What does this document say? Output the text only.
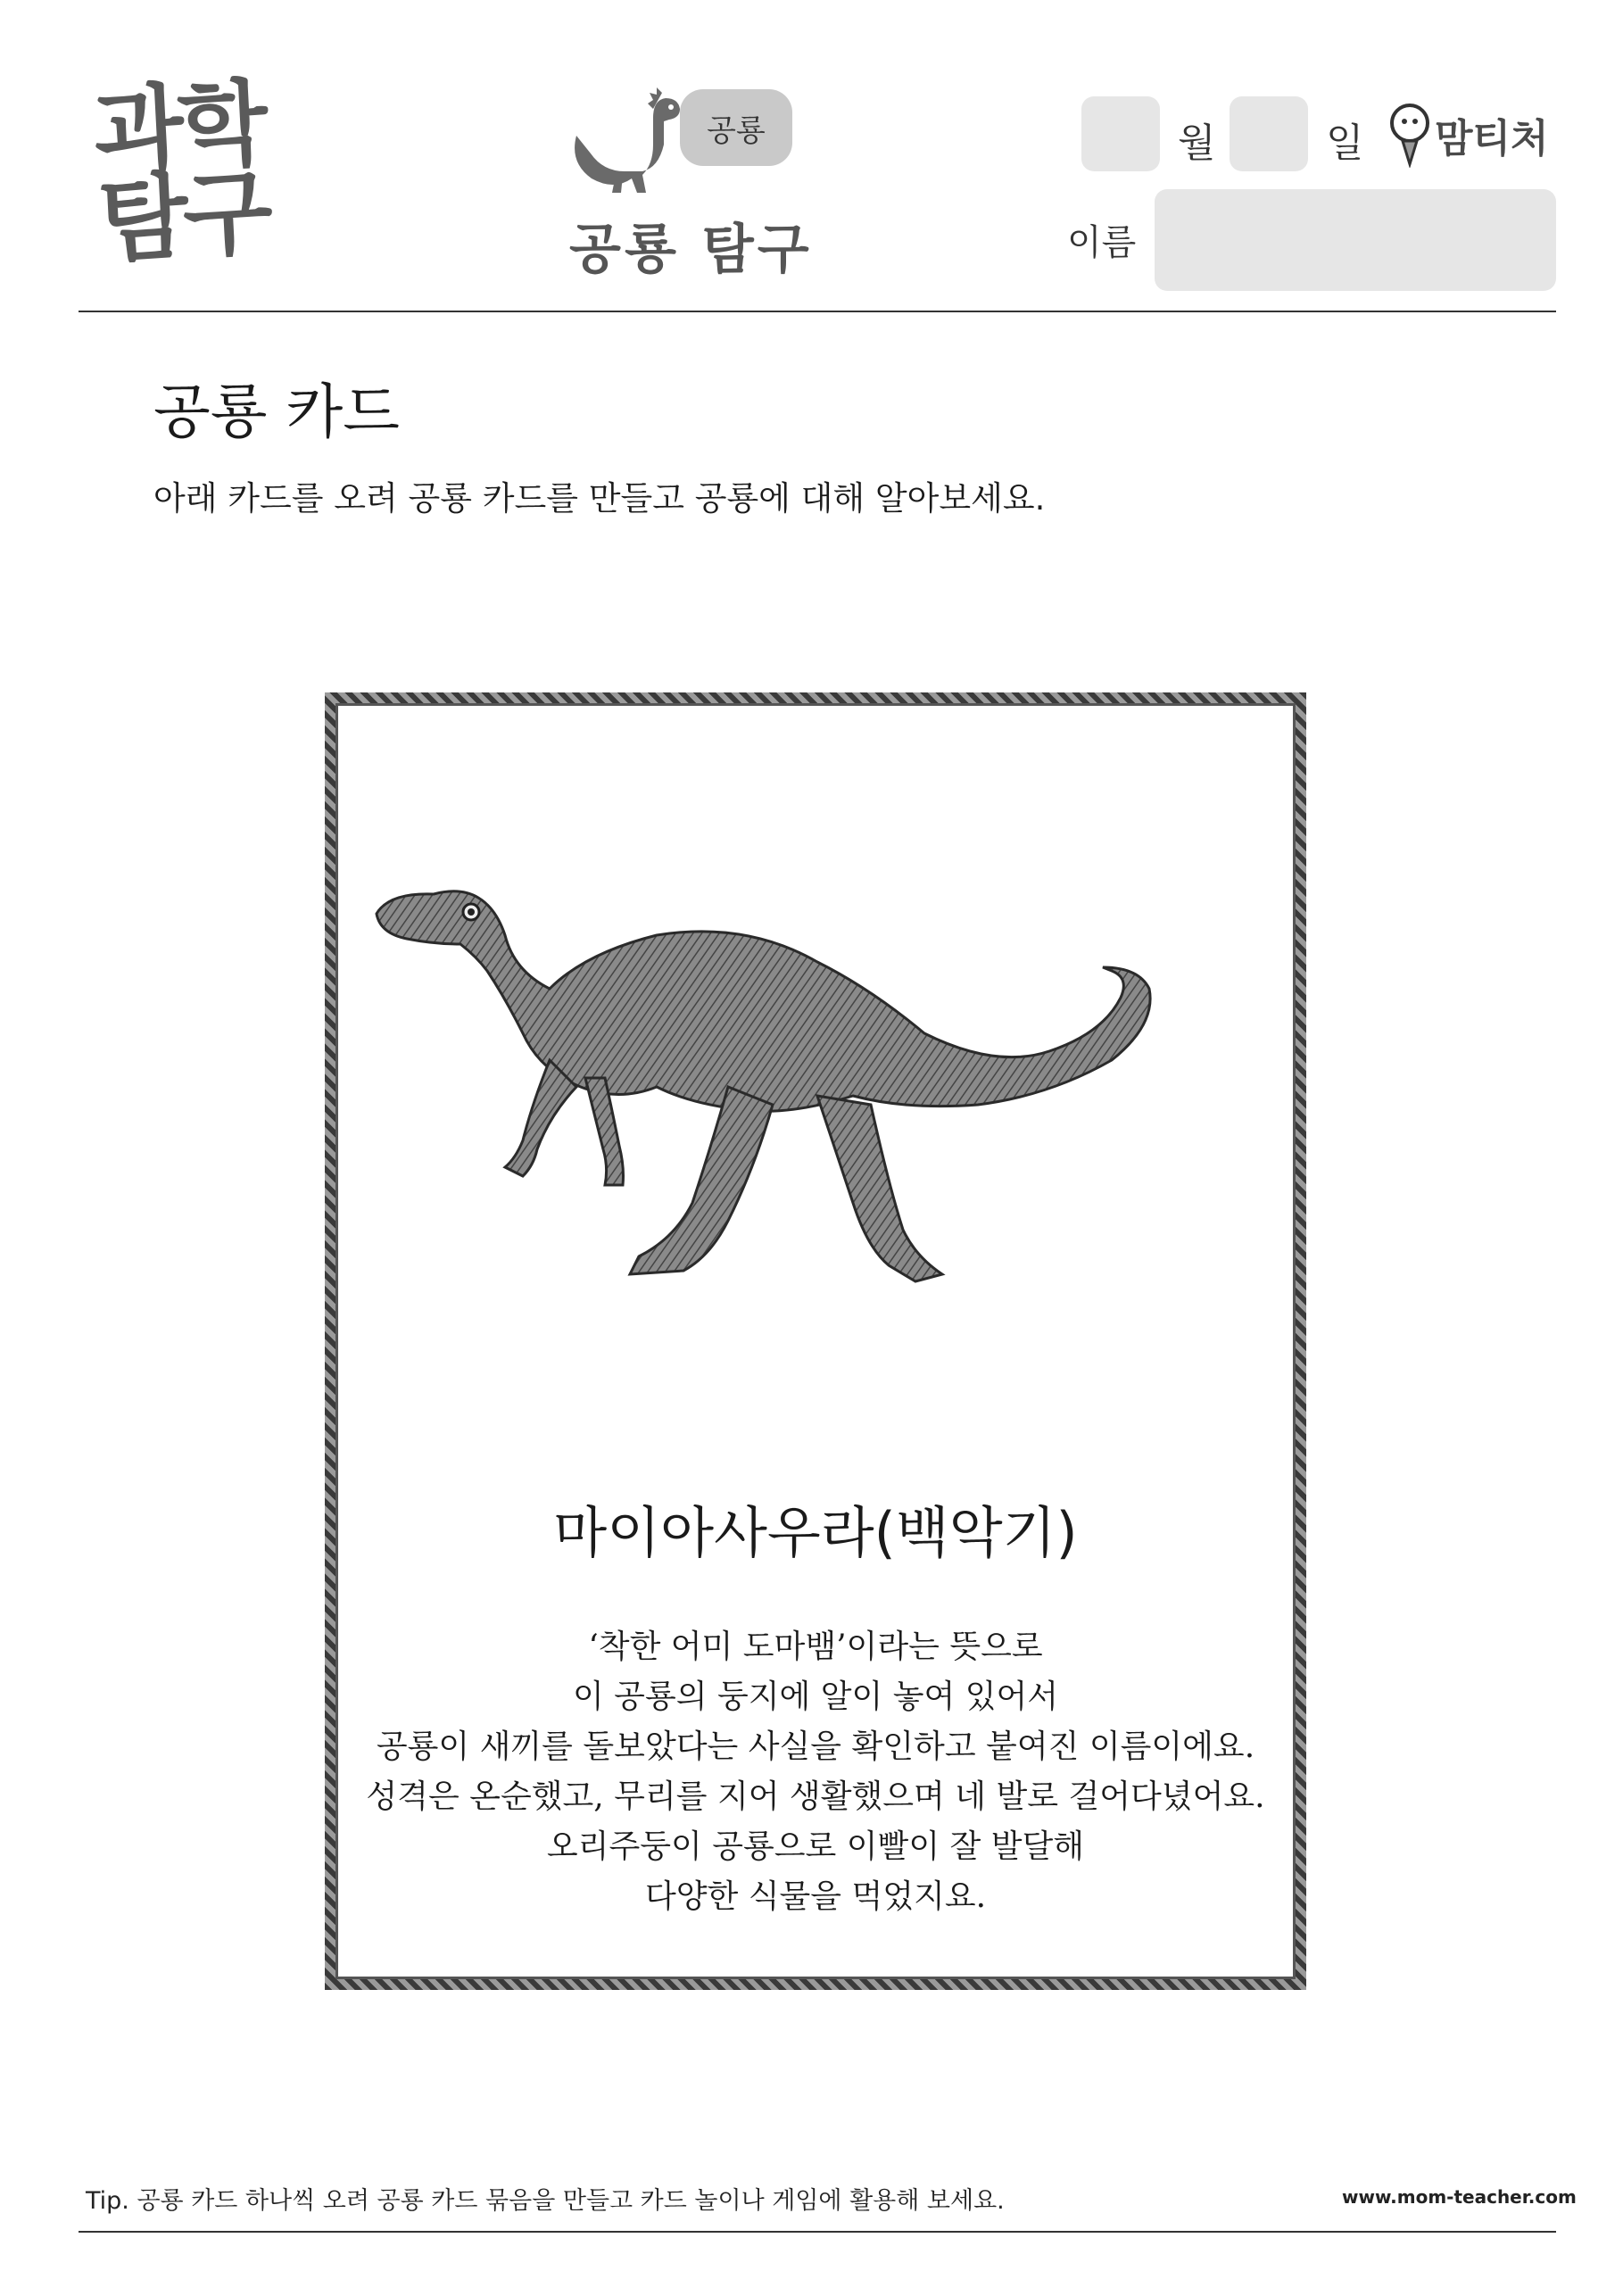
과학
탐구
공룡
공룡 탐구
월	일 맘티처
이름
공룡 카드
아래 카드를 오려 공룡 카드를 만들고 공룡에 대해 알아보세요.
마이아사우라(백악기)
‘착한 어미 도마뱀’이라는 뜻으로
이 공룡의 둥지에 알이 놓여 있어서
공룡이 새끼를 돌보았다는 사실을 확인하고 붙여진 이름이에요.
성격은 온순했고, 무리를 지어 생활했으며 네 발로 걸어다녔어요.
오리주둥이 공룡으로 이빨이 잘 발달해
다양한 식물을 먹었지요.
Tip. 공룡 카드 하나씩 오려 공룡 카드 묶음을 만들고 카드 놀이나 게임에 활용해 보세요.	www.mom-teacher.com
